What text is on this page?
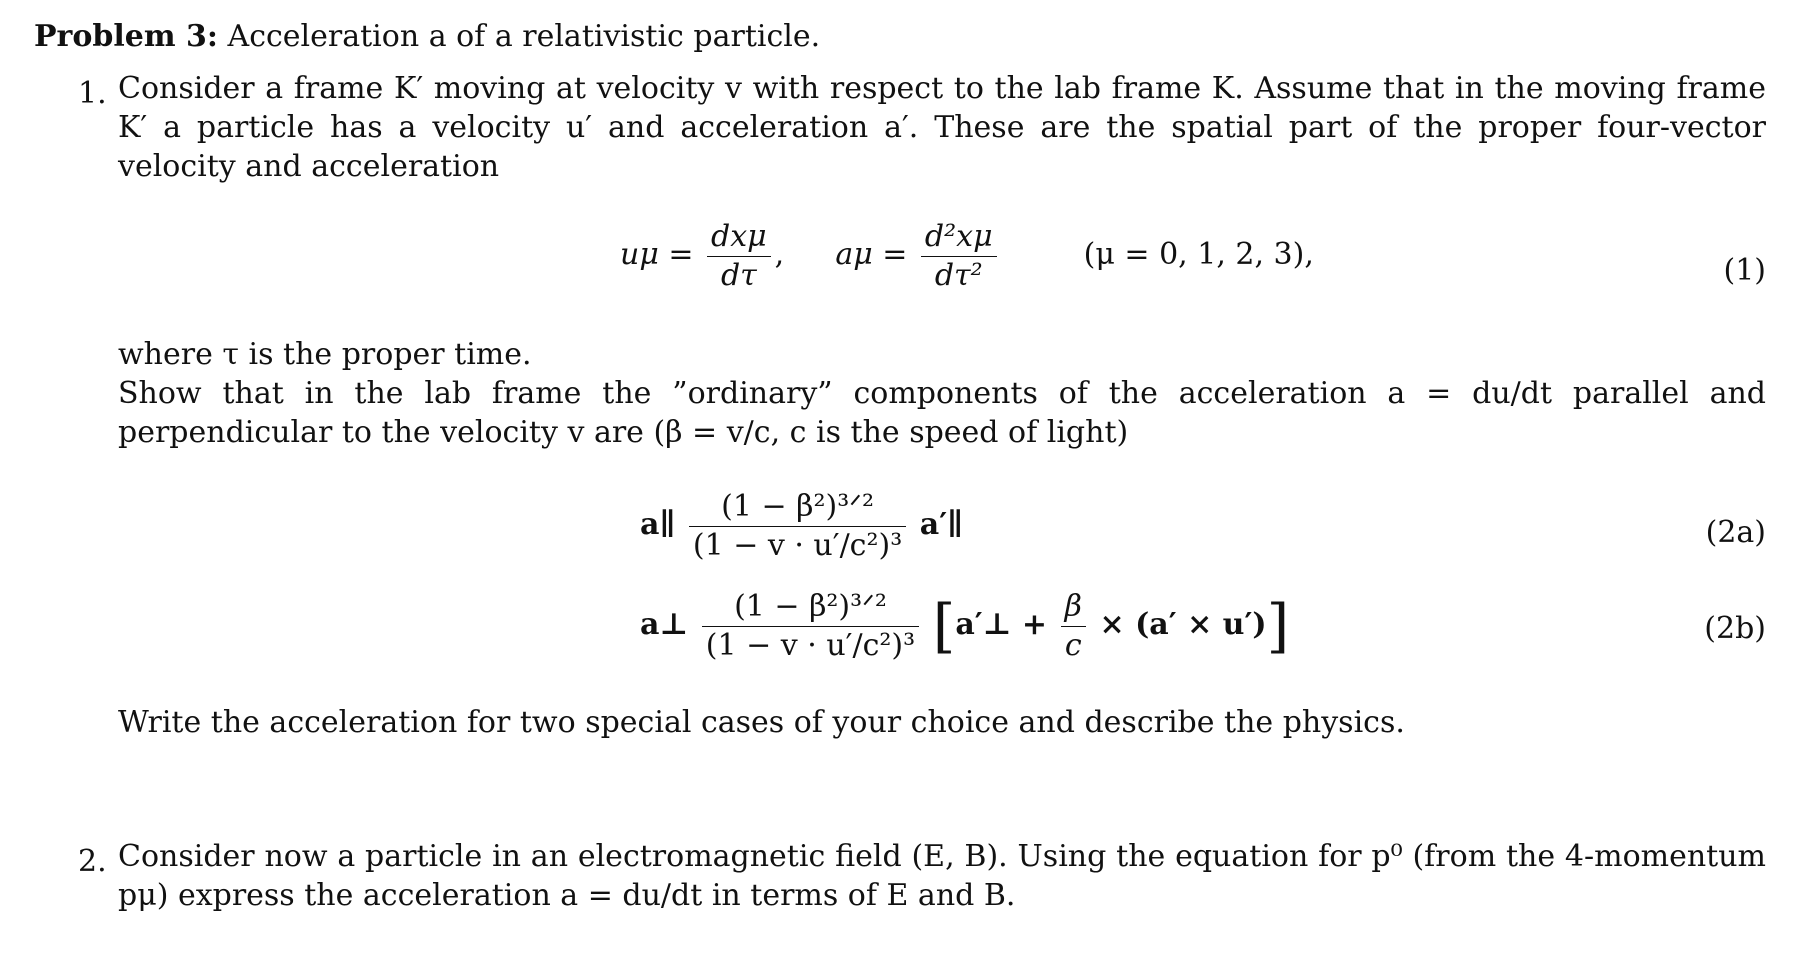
Problem 3: Acceleration a of a relativistic particle.
1. Consider a frame K′ moving at velocity v with respect to the lab frame K. Assume that in the moving frame K′ a particle has a velocity u′ and acceleration a′. These are the spatial part of the proper four-vector velocity and acceleration
$u\mu = \frac{\text{dxμ}}{d\tau}$ , $a\mu = \frac{\text{d²xμ}}{\text{dτ²}}$	(μ = 0, 1, 2, 3),	(1)
where τ is the proper time.
Show that in the lab frame the ”ordinary” components of the acceleration a = du/dt parallel and perpendicular to the velocity v are (β = v/c, c is the speed of light)
a∥ $\frac{\text{(1 − β²)³ᐟ²}}{\text{(1 − v · u′/c²)³}}$ a′∥	(2a)
a⊥ $\frac{\text{(1 − β²)³ᐟ²}}{\text{(1 − v · u′/c²)³}}$ [a′⊥ + $\frac{\beta}{c} \times (a' \times u')$]	(2b)
Write the acceleration for two special cases of your choice and describe the physics.
2. Consider now a particle in an electromagnetic field (E, B). Using the equation for p⁰ (from the 4-momentum pμ) express the acceleration a = du/dt in terms of E and B.
